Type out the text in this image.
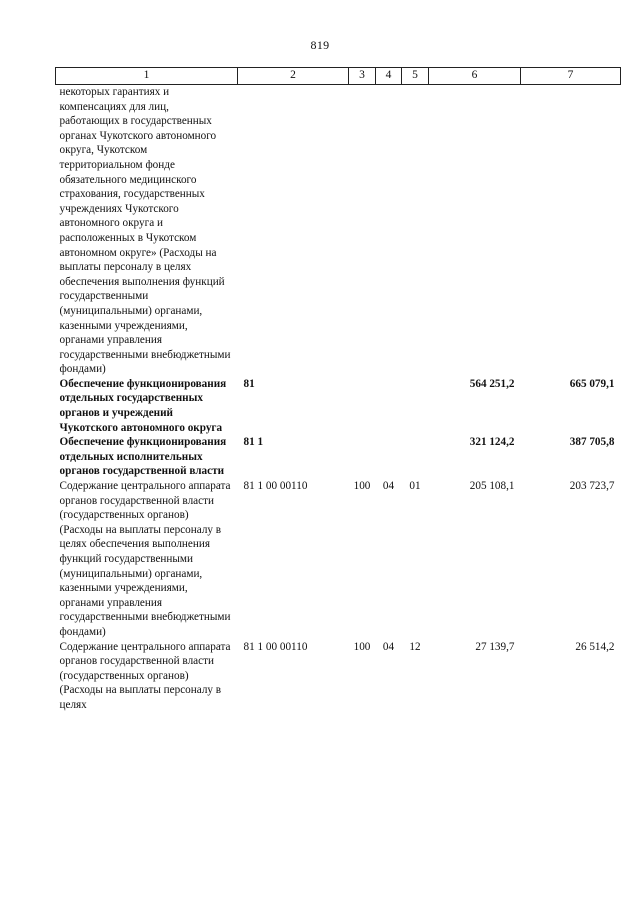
819
1	2	3	4	5	6	7
некоторых гарантиях и компенсациях для лиц, работающих в государственных органах Чукотского автономного округа, Чукотском территориальном фонде обязательного медицинского страхования, государственных учреждениях Чукотского автономного округа и расположенных в Чукотском автономном округе» (Расходы на выплаты персоналу в целях обеспечения выполнения функций государственными (муниципальными) органами, казенными учреждениями, органами управления государственными внебюджетными фондами)						
Обеспечение функционирования отдельных государственных органов и учреждений Чукотского автономного округа	81				564 251,2	665 079,1
Обеспечение функционирования отдельных исполнительных органов государственной власти	81 1				321 124,2	387 705,8
Содержание центрального аппарата органов государственной власти (государственных органов) (Расходы на выплаты персоналу в целях обеспечения выполнения функций государственными (муниципальными) органами, казенными учреждениями, органами управления государственными внебюджетными фондами)	81 1 00 00110	100	04	01	205 108,1	203 723,7
Содержание центрального аппарата органов государственной власти (государственных органов) (Расходы на выплаты персоналу в целях	81 1 00 00110	100	04	12	27 139,7	26 514,2
